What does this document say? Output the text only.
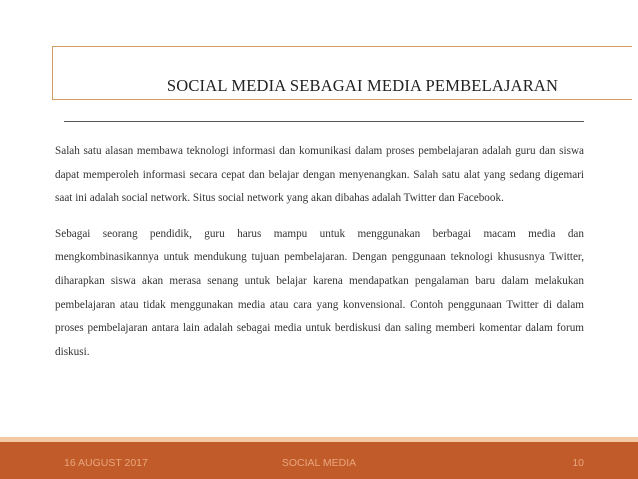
SOCIAL MEDIA SEBAGAI MEDIA PEMBELAJARAN

Salah satu alasan membawa teknologi informasi dan komunikasi dalam proses pembelajaran adalah guru dan siswa dapat memperoleh informasi secara cepat dan belajar dengan menyenangkan. Salah satu alat yang sedang digemari saat ini adalah social network. Situs social network yang akan dibahas adalah Twitter dan Facebook.

Sebagai seorang pendidik, guru harus mampu untuk menggunakan berbagai macam media dan mengkombinasikannya untuk mendukung tujuan pembelajaran. Dengan penggunaan teknologi khususnya Twitter, diharapkan siswa akan merasa senang untuk belajar karena mendapatkan pengalaman baru dalam melakukan pembelajaran atau tidak menggunakan media atau cara yang konvensional. Contoh penggunaan Twitter di dalam proses pembelajaran antara lain adalah sebagai media untuk berdiskusi dan saling memberi komentar dalam forum diskusi.

16 AUGUST 2017	SOCIAL MEDIA	10
